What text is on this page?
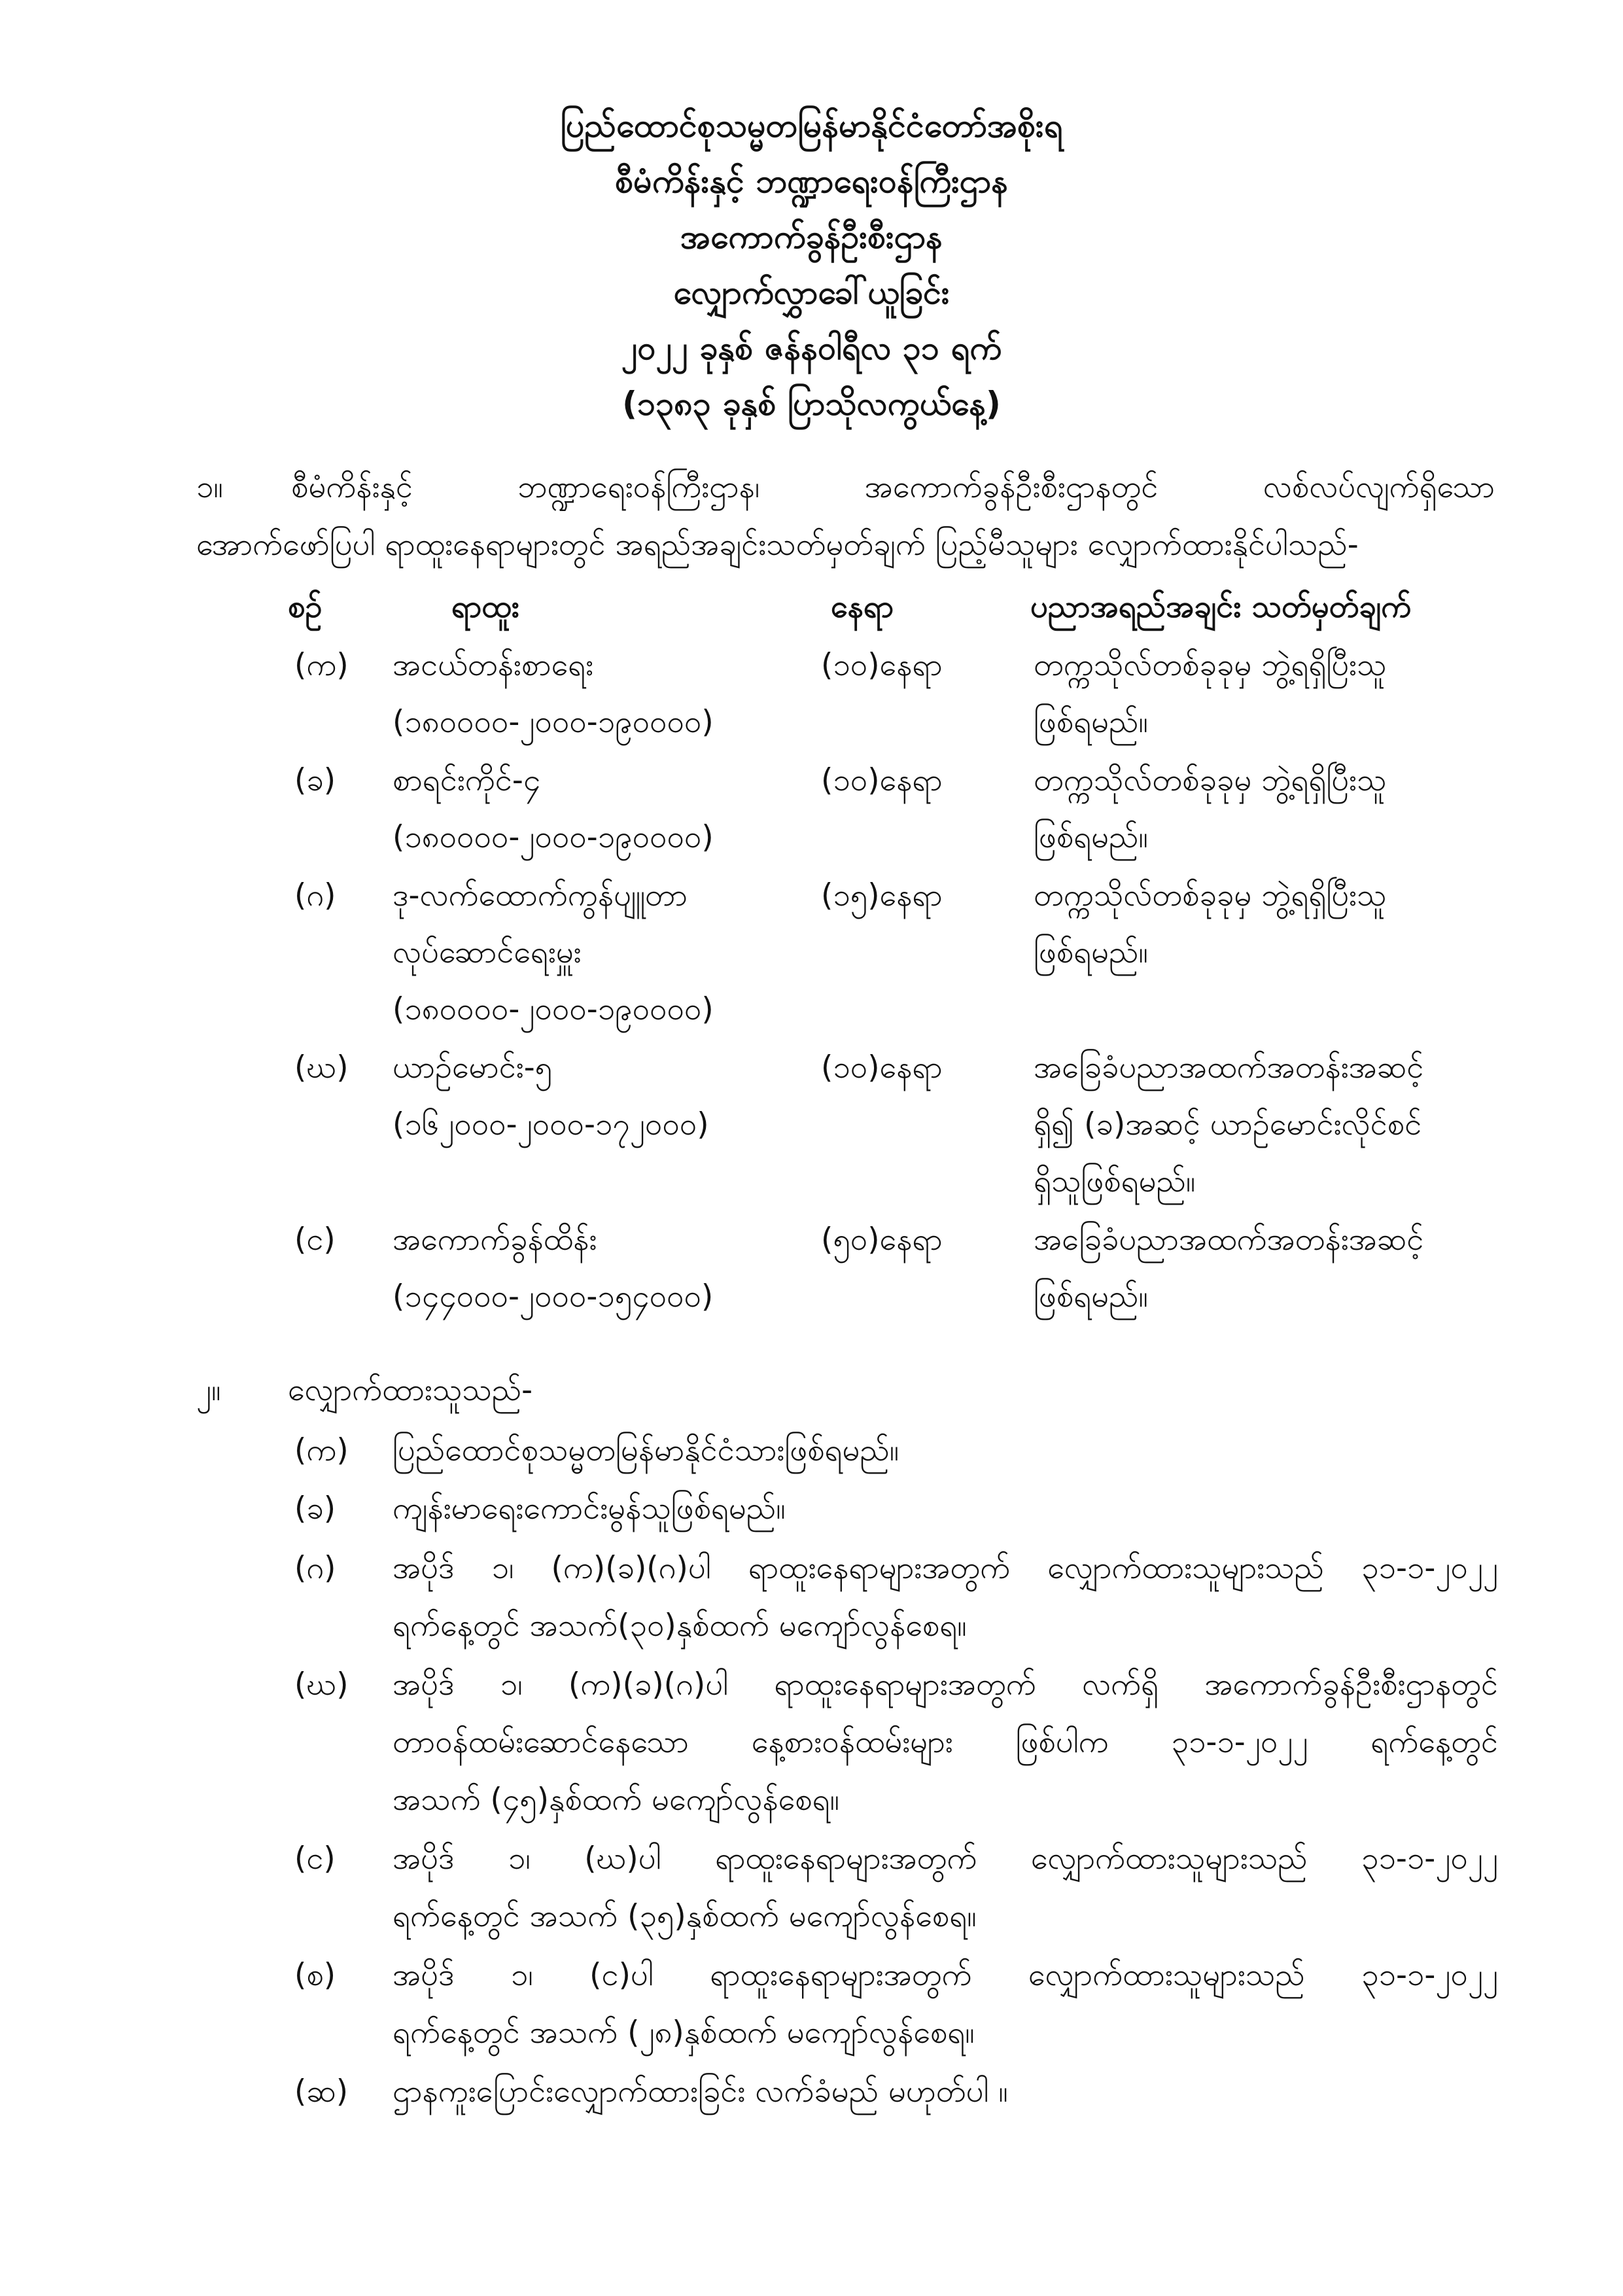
ပြည်ထောင်စုသမ္မတမြန်မာနိုင်ငံတော်အစိုးရ
စီမံကိန်းနှင့် ဘဏ္ဍာရေးဝန်ကြီးဌာန
အကောက်ခွန်ဦးစီးဌာန
လျှောက်လွှာခေါ်ယူခြင်း
၂၀၂၂ ခုနှစ် ဇန်နဝါရီလ ၃၁ ရက်
(၁၃၈၃ ခုနှစ် ပြာသိုလကွယ်နေ့)
၁။ စီမံကိန်းနှင့်	ဘဏ္ဍာရေးဝန်ကြီးဌာန၊	အကောက်ခွန်ဦးစီးဌာနတွင်	လစ်လပ်လျက်ရှိသော
အောက်ဖော်ပြပါ ရာထူးနေရာများတွင် အရည်အချင်းသတ်မှတ်ချက် ပြည့်မီသူများ လျှောက်ထားနိုင်ပါသည်-
စဉ်	ရာထူး	နေရာ	ပညာအရည်အချင်း သတ်မှတ်ချက်
(က) အငယ်တန်းစာရေး
(၁၈၀၀၀၀-၂၀၀၀-၁၉၀၀၀၀)
(၁၀)နေရာ	တက္ကသိုလ်တစ်ခုခုမှ ဘွဲ့ရရှိပြီးသူ
ဖြစ်ရမည်။
(ခ) စာရင်းကိုင်-၄
(၁၈၀၀၀၀-၂၀၀၀-၁၉၀၀၀၀)
(၁၀)နေရာ	တက္ကသိုလ်တစ်ခုခုမှ ဘွဲ့ရရှိပြီးသူ
ဖြစ်ရမည်။
(ဂ) ဒု-လက်ထောက်ကွန်ပျူတာ
လုပ်ဆောင်ရေးမှူး
(၁၈၀၀၀၀-၂၀၀၀-၁၉၀၀၀၀)
(၁၅)နေရာ	တက္ကသိုလ်တစ်ခုခုမှ ဘွဲ့ရရှိပြီးသူ
ဖြစ်ရမည်။
(ဃ) ယာဉ်မောင်း-၅
(၁၆၂၀၀၀-၂၀၀၀-၁၇၂၀၀၀)
(၁၀)နေရာ	အခြေခံပညာအထက်အတန်းအဆင့်
ရှိ၍ (ခ)အဆင့် ယာဉ်မောင်းလိုင်စင်
ရှိသူဖြစ်ရမည်။
(င) အကောက်ခွန်ထိန်း
(၁၄၄၀၀၀-၂၀၀၀-၁၅၄၀၀၀)
(၅၀)နေရာ	အခြေခံပညာအထက်အတန်းအဆင့်
ဖြစ်ရမည်။
၂။ လျှောက်ထားသူသည်-
(က) ပြည်ထောင်စုသမ္မတမြန်မာနိုင်ငံသားဖြစ်ရမည်။
(ခ) ကျန်းမာရေးကောင်းမွန်သူဖြစ်ရမည်။
(ဂ) အပိုဒ် ၁၊ (က)(ခ)(ဂ)ပါ ရာထူးနေရာများအတွက် လျှောက်ထားသူများသည် ၃၁-၁-၂၀၂၂
ရက်နေ့တွင် အသက်(၃၀)နှစ်ထက် မကျော်လွန်စေရ။
(ဃ) အပိုဒ် ၁၊ (က)(ခ)(ဂ)ပါ ရာထူးနေရာများအတွက် လက်ရှိ အကောက်ခွန်ဦးစီးဌာနတွင်
တာဝန်ထမ်းဆောင်နေသော နေ့စားဝန်ထမ်းများ ဖြစ်ပါက ၃၁-၁-၂၀၂၂ ရက်နေ့တွင်
အသက် (၄၅)နှစ်ထက် မကျော်လွန်စေရ။
(င) အပိုဒ် ၁၊ (ဃ)ပါ ရာထူးနေရာများအတွက် လျှောက်ထားသူများသည် ၃၁-၁-၂၀၂၂
ရက်နေ့တွင် အသက် (၃၅)နှစ်ထက် မကျော်လွန်စေရ။
(စ) အပိုဒ် ၁၊ (င)ပါ ရာထူးနေရာများအတွက် လျှောက်ထားသူများသည် ၃၁-၁-၂၀၂၂
ရက်နေ့တွင် အသက် (၂၈)နှစ်ထက် မကျော်လွန်စေရ။
(ဆ) ဌာနကူးပြောင်းလျှောက်ထားခြင်း လက်ခံမည် မဟုတ်ပါ ။
